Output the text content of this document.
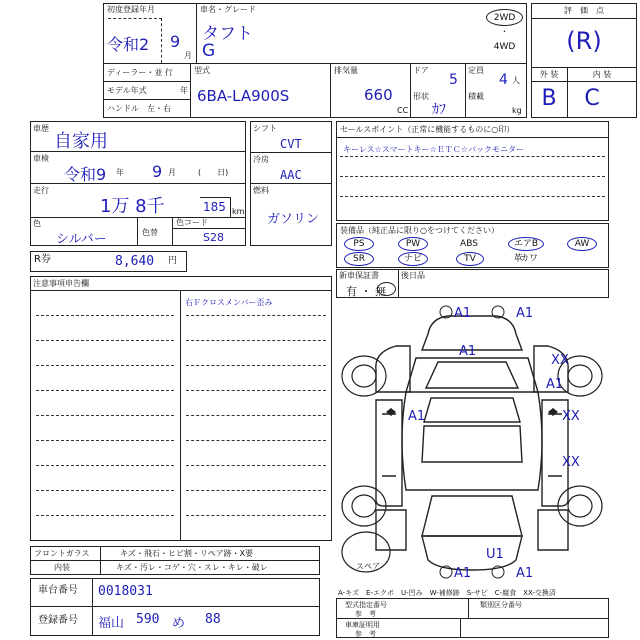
初度登録年月
令和2 9
月
車名・グレード
タフト
G
2WD
・
4WD
ディーラー・並 行
モデル年式	年
ハンドル　左・右
型式
6BA-LA900S
排気量
660
CC
ドア
5
形状
ｶﾌ
定員
4 人
積載
kg
評　価　点
(R)
外 装	内 装
B	C
車歴
自家用
車検
令和9 年 9 月	(　　日)
走行
1万 8千	185 km
色
シルバー	色替
色コード
S28
シフト
CVT
冷房
AAC
燃料
ガソリン
セールスポイント（正常に機能するものに○印）
キーレス☆スマートキー☆ＥＴＣ☆バックモニター
装備品（純正品に限り○をつけてください）
PS	PW	ABS	エアB	AW
SR	ナビ	TV	革
カワ
R券	8,640 円
新車保証書
有 ・ 無
後日品
注意事項申告欄
右Ｆクロスメンバー歪み
スペア
A1	A1
A1
XX
A1
A1	XX
XX
U1
A1	A1
フロントガラス	キズ・飛石・ヒビ割・リペア跡・X要
内装	キズ・汚レ・コゲ・穴・スレ・キレ・破レ
A-キズ　E-エクボ　U-凹み　W-補修跡　S-サビ　C-腐食　XX-交換済
型式指定番号
参　考
類別区分番号
車庫証明用
参　考
車台番号 0018031
登録番号 福山 590 め 88
